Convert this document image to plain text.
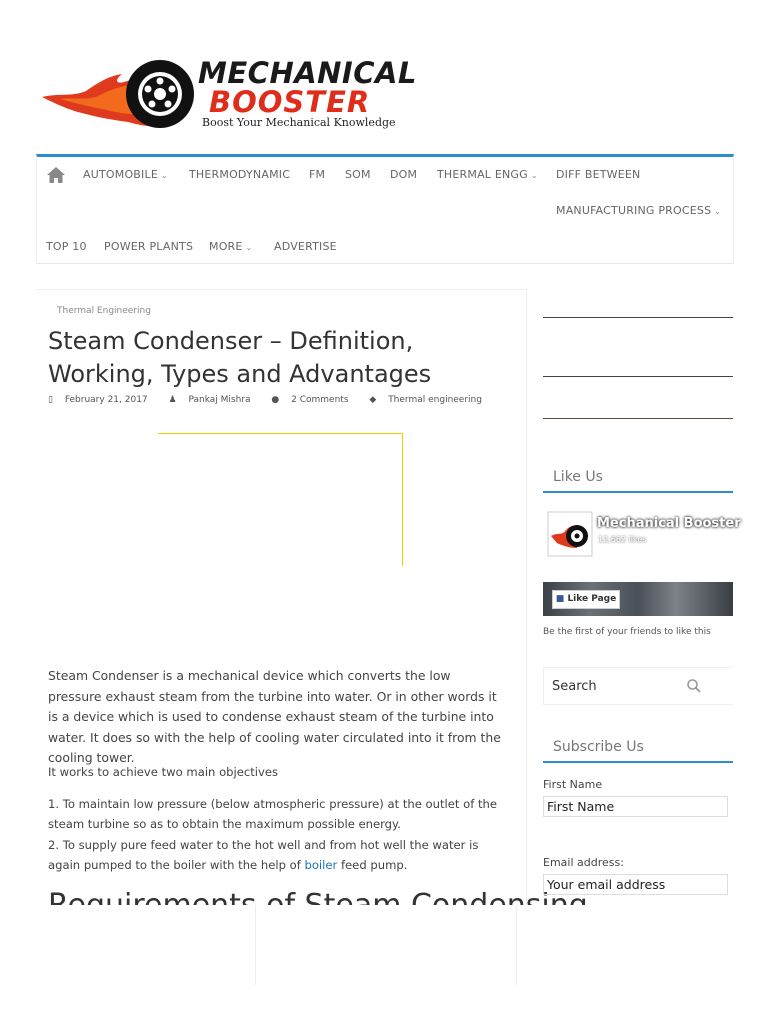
MECHANICAL
BOOSTER
Boost Your Mechanical Knowledge
AUTOMOBILE ⌄ THERMODYNAMIC FM SOM DOM THERMAL ENGG ⌄ DIFF BETWEEN
MANUFACTURING PROCESS ⌄
TOP 10 POWER PLANTS MORE ⌄ ADVERTISE
Thermal Engineering
Steam Condenser – Definition, Working, Types and Advantages
▯ February 21, 2017 ♟ Pankaj Mishra ● 2 Comments ◆ Thermal engineering
Steam Condenser is a mechanical device which converts the low pressure exhaust steam from the turbine into water. Or in other words it is a device which is used to condense exhaust steam of the turbine into water. It does so with the help of cooling water circulated into it from the cooling tower.
It works to achieve two main objectives
1. To maintain low pressure (below atmospheric pressure) at the outlet of the steam turbine so as to obtain the maximum possible energy.
2. To supply pure feed water to the hot well and from hot well the water is again pumped to the boiler with the help of boiler feed pump.
Like Us
Mechanical Booster
12,662 likes
■ Like Page
Be the first of your friends to like this
Search
Subscribe Us
First Name
First Name
Email address:
Your email address
